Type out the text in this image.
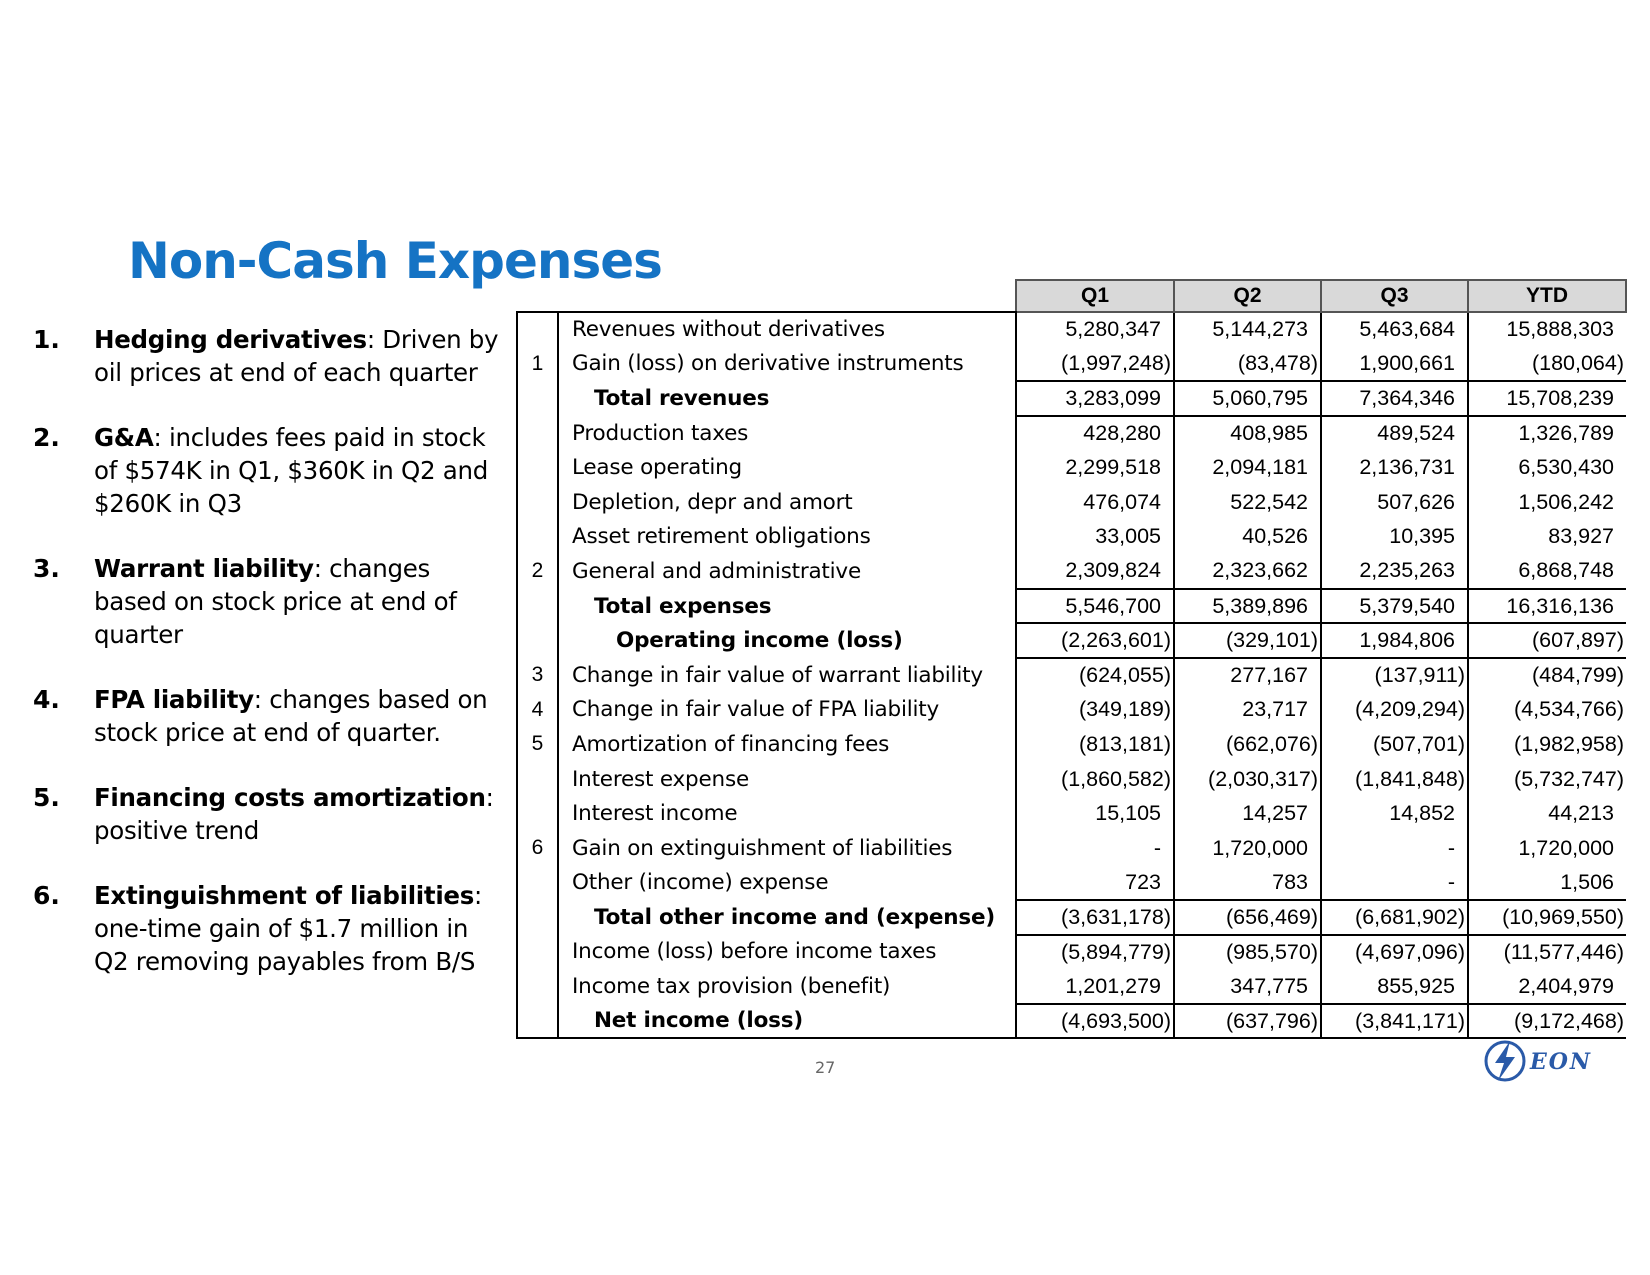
Non-Cash Expenses
1. Hedging derivatives: Driven by oil prices at end of each quarter
2. G&A: includes fees paid in stock of $574K in Q1, $360K in Q2 and $260K in Q3
3. Warrant liability: changes based on stock price at end of quarter
4. FPA liability: changes based on stock price at end of quarter.
5. Financing costs amortization: positive trend
6. Extinguishment of liabilities: one-time gain of $1.7 million in Q2 removing payables from B/S
		Q1	Q2	Q3	YTD
	Revenues without derivatives	5,280,347	5,144,273	5,463,684	15,888,303
1	Gain (loss) on derivative instruments	(1,997,248)	(83,478)	1,900,661	(180,064)
	Total revenues	3,283,099	5,060,795	7,364,346	15,708,239
	Production taxes	428,280	408,985	489,524	1,326,789
	Lease operating	2,299,518	2,094,181	2,136,731	6,530,430
	Depletion, depr and amort	476,074	522,542	507,626	1,506,242
	Asset retirement obligations	33,005	40,526	10,395	83,927
2	General and administrative	2,309,824	2,323,662	2,235,263	6,868,748
	Total expenses	5,546,700	5,389,896	5,379,540	16,316,136
	Operating income (loss)	(2,263,601)	(329,101)	1,984,806	(607,897)
3	Change in fair value of warrant liability	(624,055)	277,167	(137,911)	(484,799)
4	Change in fair value of FPA liability	(349,189)	23,717	(4,209,294)	(4,534,766)
5	Amortization of financing fees	(813,181)	(662,076)	(507,701)	(1,982,958)
	Interest expense	(1,860,582)	(2,030,317)	(1,841,848)	(5,732,747)
	Interest income	15,105	14,257	14,852	44,213
6	Gain on extinguishment of liabilities	-	1,720,000	-	1,720,000
	Other (income) expense	723	783	-	1,506
	Total other income and (expense)	(3,631,178)	(656,469)	(6,681,902)	(10,969,550)
	Income (loss) before income taxes	(5,894,779)	(985,570)	(4,697,096)	(11,577,446)
	Income tax provision (benefit)	1,201,279	347,775	855,925	2,404,979
	Net income (loss)	(4,693,500)	(637,796)	(3,841,171)	(9,172,468)
27	EON
